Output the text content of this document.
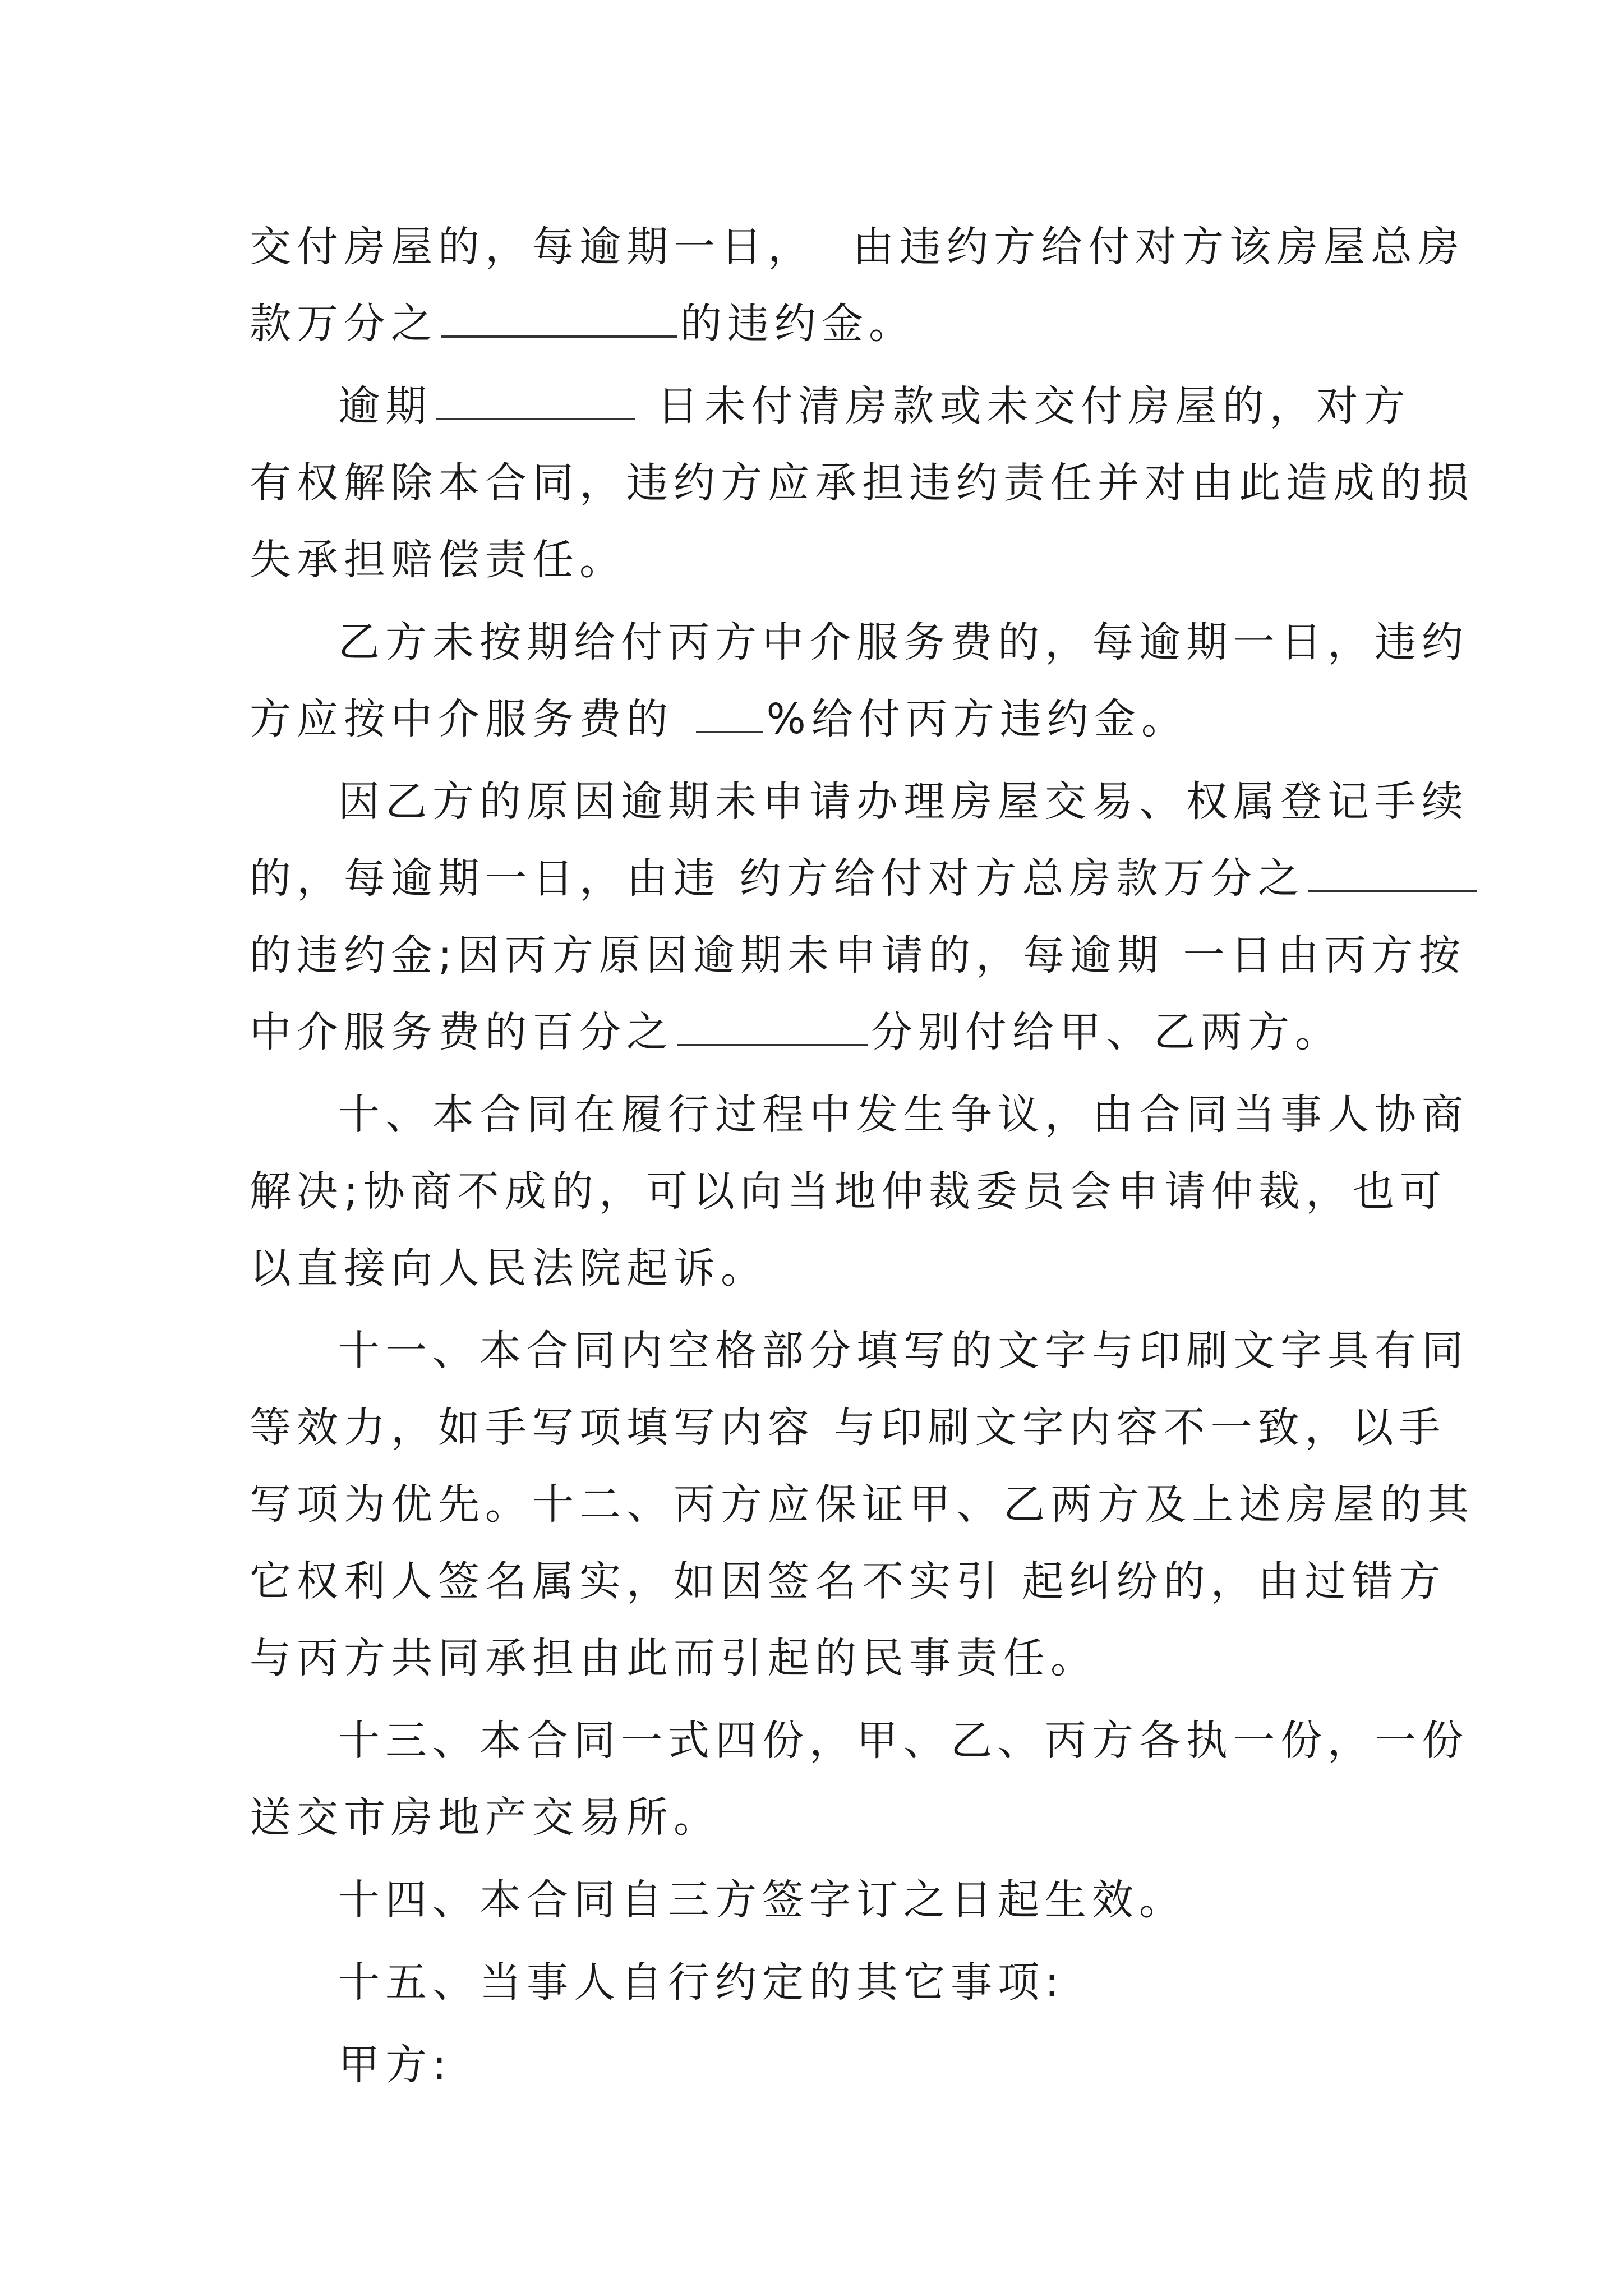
交付房屋的，每逾期一日，  由违约方给付对方该房屋总房
款万分之	的违约金。
逾期	日未付清房款或未交付房屋的，对方
有权解除本合同，违约方应承担违约责任并对由此造成的损
失承担赔偿责任。
乙方未按期给付丙方中介服务费的，每逾期一日，违约
方应按中介服务费的 %给付丙方违约金。
因乙方的原因逾期未申请办理房屋交易、权属登记手续
的，每逾期一日，由违 约方给付对方总房款万分之
的违约金;因丙方原因逾期未申请的，每逾期 一日由丙方按
中介服务费的百分之	分别付给甲、乙两方。
十、本合同在履行过程中发生争议，由合同当事人协商
解决;协商不成的，可以向当地仲裁委员会申请仲裁，也可
以直接向人民法院起诉。
十一、本合同内空格部分填写的文字与印刷文字具有同
等效力，如手写项填写内容 与印刷文字内容不一致，以手
写项为优先。十二、丙方应保证甲、乙两方及上述房屋的其
它权利人签名属实，如因签名不实引 起纠纷的，由过错方
与丙方共同承担由此而引起的民事责任。
十三、本合同一式四份，甲、乙、丙方各执一份，一份
送交市房地产交易所。
十四、本合同自三方签字订之日起生效。
十五、当事人自行约定的其它事项:
甲方:
